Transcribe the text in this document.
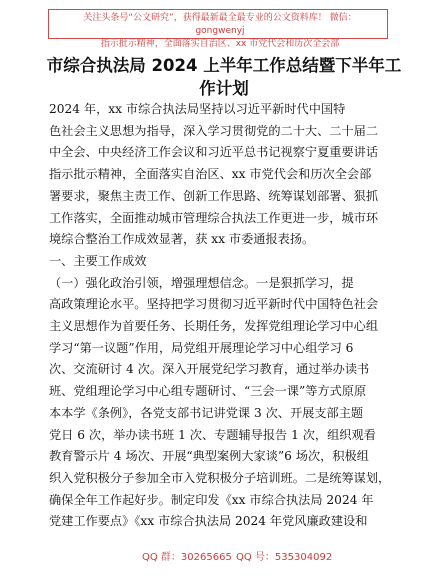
关注头条号“公文研究”，获得最新最全最专业的公文资料库！ 微信：gongwenyj
指示批示精神，全面落实自治区、xx 市党代会和历次全会部
市综合执法局 2024 上半年工作总结暨下半年工
作计划
2024 年，xx 市综合执法局坚持以习近平新时代中国特
色社会主义思想为指导，深入学习贯彻党的二十大、二十届二
中全会、中央经济工作会议和习近平总书记视察宁夏重要讲话
指示批示精神，全面落实自治区、xx 市党代会和历次全会部
署要求，聚焦主责工作、创新工作思路、统筹谋划部署、狠抓
工作落实，全面推动城市管理综合执法工作更进一步，城市环
境综合整治工作成效显著，获 xx 市委通报表扬。
一、主要工作成效
（一）强化政治引领，增强理想信念。一是狠抓学习，提
高政策理论水平。坚持把学习贯彻习近平新时代中国特色社会
主义思想作为首要任务、长期任务，发挥党组理论学习中心组
学习“第一议题”作用，局党组开展理论学习中心组学习 6
次、交流研讨 4 次。深入开展党纪学习教育，通过举办读书
班、党组理论学习中心组专题研讨、“三会一课”等方式原原
本本学《条例》，各党支部书记讲党课 3 次、开展支部主题
党日 6 次，举办读书班 1 次、专题辅导报告 1 次，组织观看
教育警示片 4 场次、开展“典型案例大家谈”6 场次，积极组
织入党积极分子参加全市入党积极分子培训班。二是统筹谋划，
确保全年工作起好步。制定印发《xx 市综合执法局 2024 年
党建工作要点》《xx 市综合执法局 2024 年党风廉政建设和
QQ 群：30265665 QQ 号：535304092
